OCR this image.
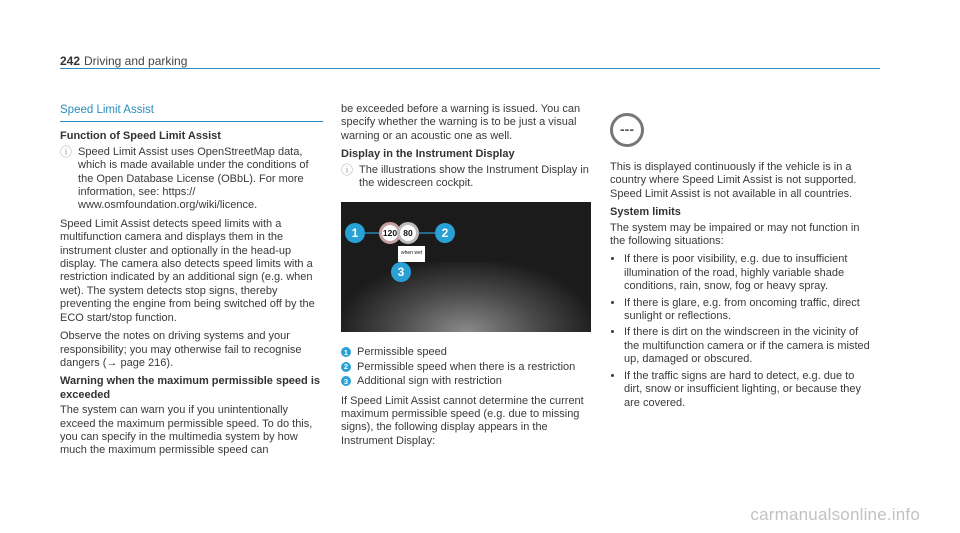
242 Driving and parking
Speed Limit Assist
Function of Speed Limit Assist
ⓘ Speed Limit Assist uses OpenStreetMap data, which is made available under the conditions of the Open Database License (OBbL). For more information, see: https:// www.osmfoundation.org/wiki/licence.

Speed Limit Assist detects speed limits with a multifunction camera and displays them in the instrument cluster and optionally in the head-up display. The camera also detects speed limits with a restriction indicated by an additional sign (e.g. when wet). The system detects stop signs, thereby preventing the engine from being switched off by the ECO start/stop function.

Observe the notes on driving systems and your responsibility; you may otherwise fail to recognise dangers (→ page 216).

Warning when the maximum permissible speed is exceeded

The system can warn you if you unintentionally exceed the maximum permissible speed. To do this, you can specify in the multimedia system by how much the maximum permissible speed can

be exceeded before a warning is issued. You can specify whether the warning is to be just a visual warning or an acoustic one as well.

Display in the Instrument Display
ⓘ The illustrations show the Instrument Display in the widescreen cockpit.
1	120 80
when wet
2
3
1 Permissible speed
2 Permissible speed when there is a restriction
3 Additional sign with restriction

If Speed Limit Assist cannot determine the current maximum permissible speed (e.g. due to missing signs), the following display appears in the Instrument Display:

---

This is displayed continuously if the vehicle is in a country where Speed Limit Assist is not supported. Speed Limit Assist is not available in all countries.

System limits

The system may be impaired or may not function in the following situations:

• If there is poor visibility, e.g. due to insufficient illumination of the road, highly variable shade conditions, rain, snow, fog or heavy spray.
• If there is glare, e.g. from oncoming traffic, direct sunlight or reflections.
• If there is dirt on the windscreen in the vicinity of the multifunction camera or if the camera is misted up, damaged or obscured.
• If the traffic signs are hard to detect, e.g. due to dirt, snow or insufficient lighting, or because they are covered.
carmanualsonline.info
